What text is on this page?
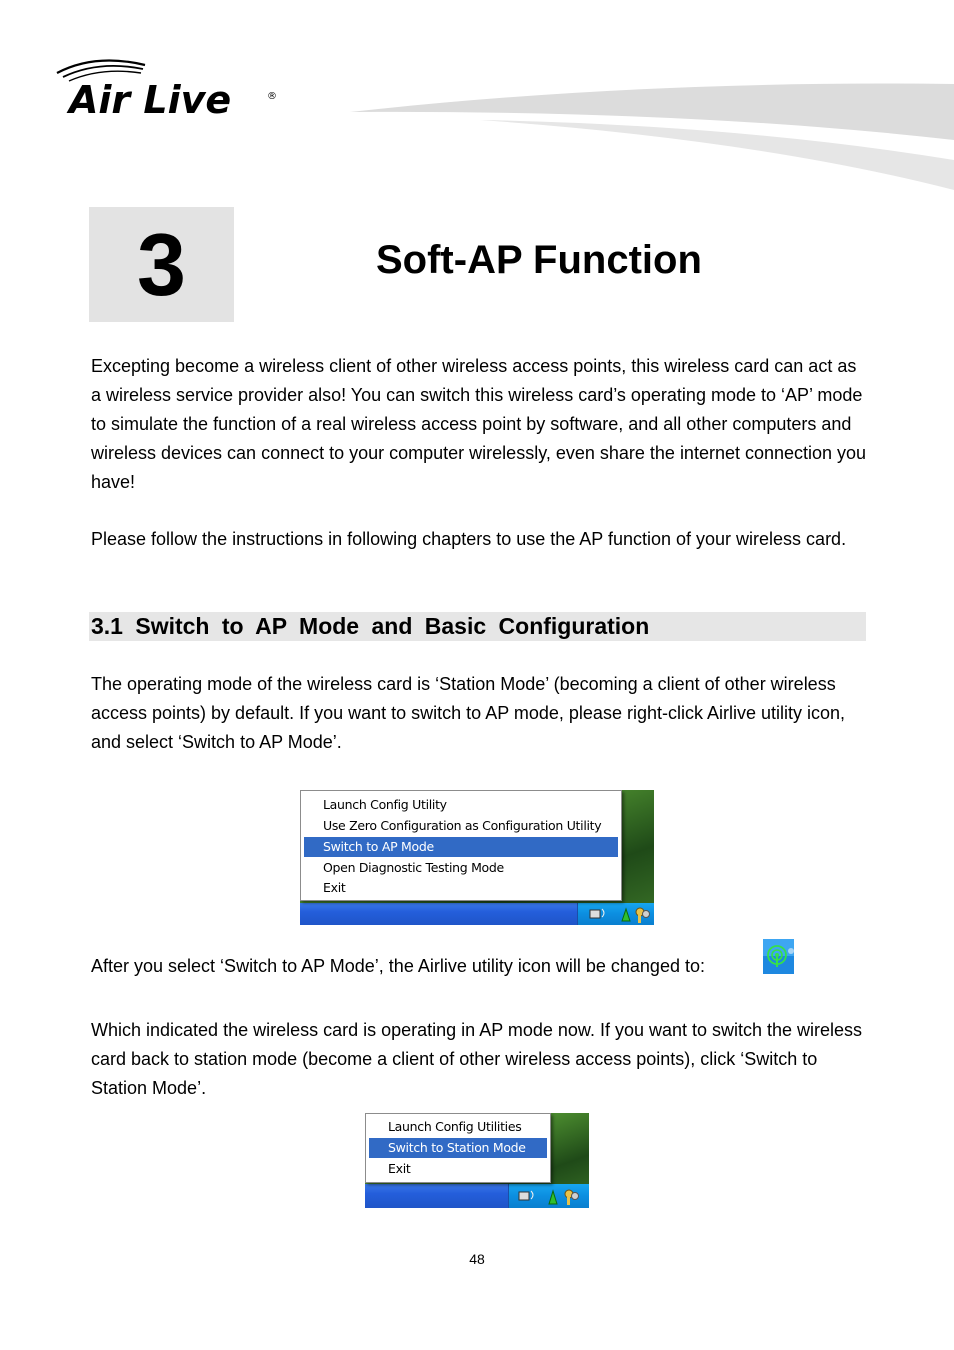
Air Live	®
3	Soft-AP Function
Excepting become a wireless client of other wireless access points, this wireless card can act as a wireless service provider also! You can switch this wireless card’s operating mode to ‘AP’ mode to simulate the function of a real wireless access point by software, and all other computers and wireless devices can connect to your computer wirelessly, even share the internet connection you have!
Please follow the instructions in following chapters to use the AP function of your wireless card.
3.1 Switch to AP Mode and Basic Configuration
The operating mode of the wireless card is ‘Station Mode’ (becoming a client of other wireless access points) by default. If you want to switch to AP mode, please right-click Airlive utility icon, and select ‘Switch to AP Mode’.
Launch Config Utility
Use Zero Configuration as Configuration Utility
Switch to AP Mode
Open Diagnostic Testing Mode
Exit
After you select ‘Switch to AP Mode’, the Airlive utility icon will be changed to:
Which indicated the wireless card is operating in AP mode now. If you want to switch the wireless card back to station mode (become a client of other wireless access points), click ‘Switch to Station Mode’.
Launch Config Utilities
Switch to Station Mode
Exit
48
